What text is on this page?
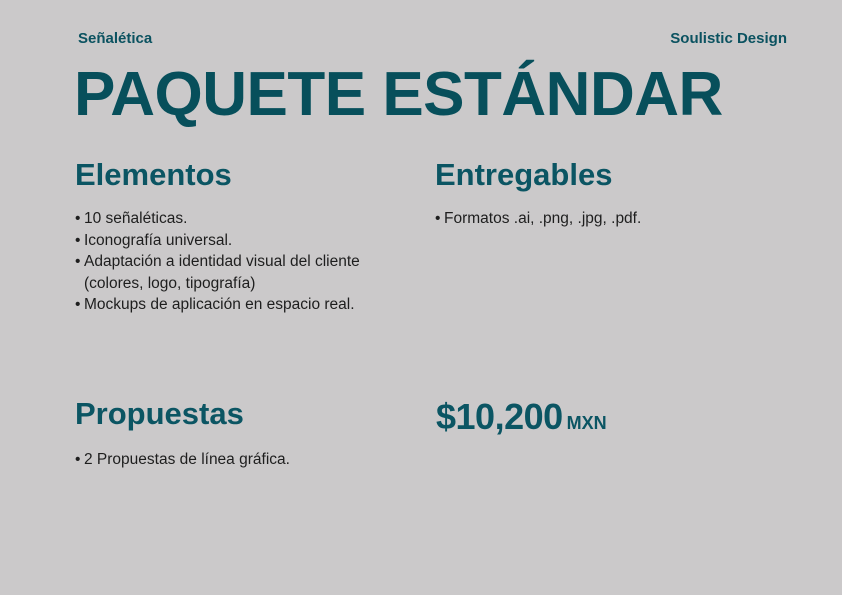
Señalética	Soulistic Design
PAQUETE ESTÁNDAR
Elementos
• 10 señaléticas.
• Iconografía universal.
• Adaptación a identidad visual del cliente (colores, logo, tipografía)
• Mockups de aplicación en espacio real.
Entregables
• Formatos .ai, .png, .jpg, .pdf.
Propuestas
• 2 Propuestas de línea gráfica.
$10,200 MXN
